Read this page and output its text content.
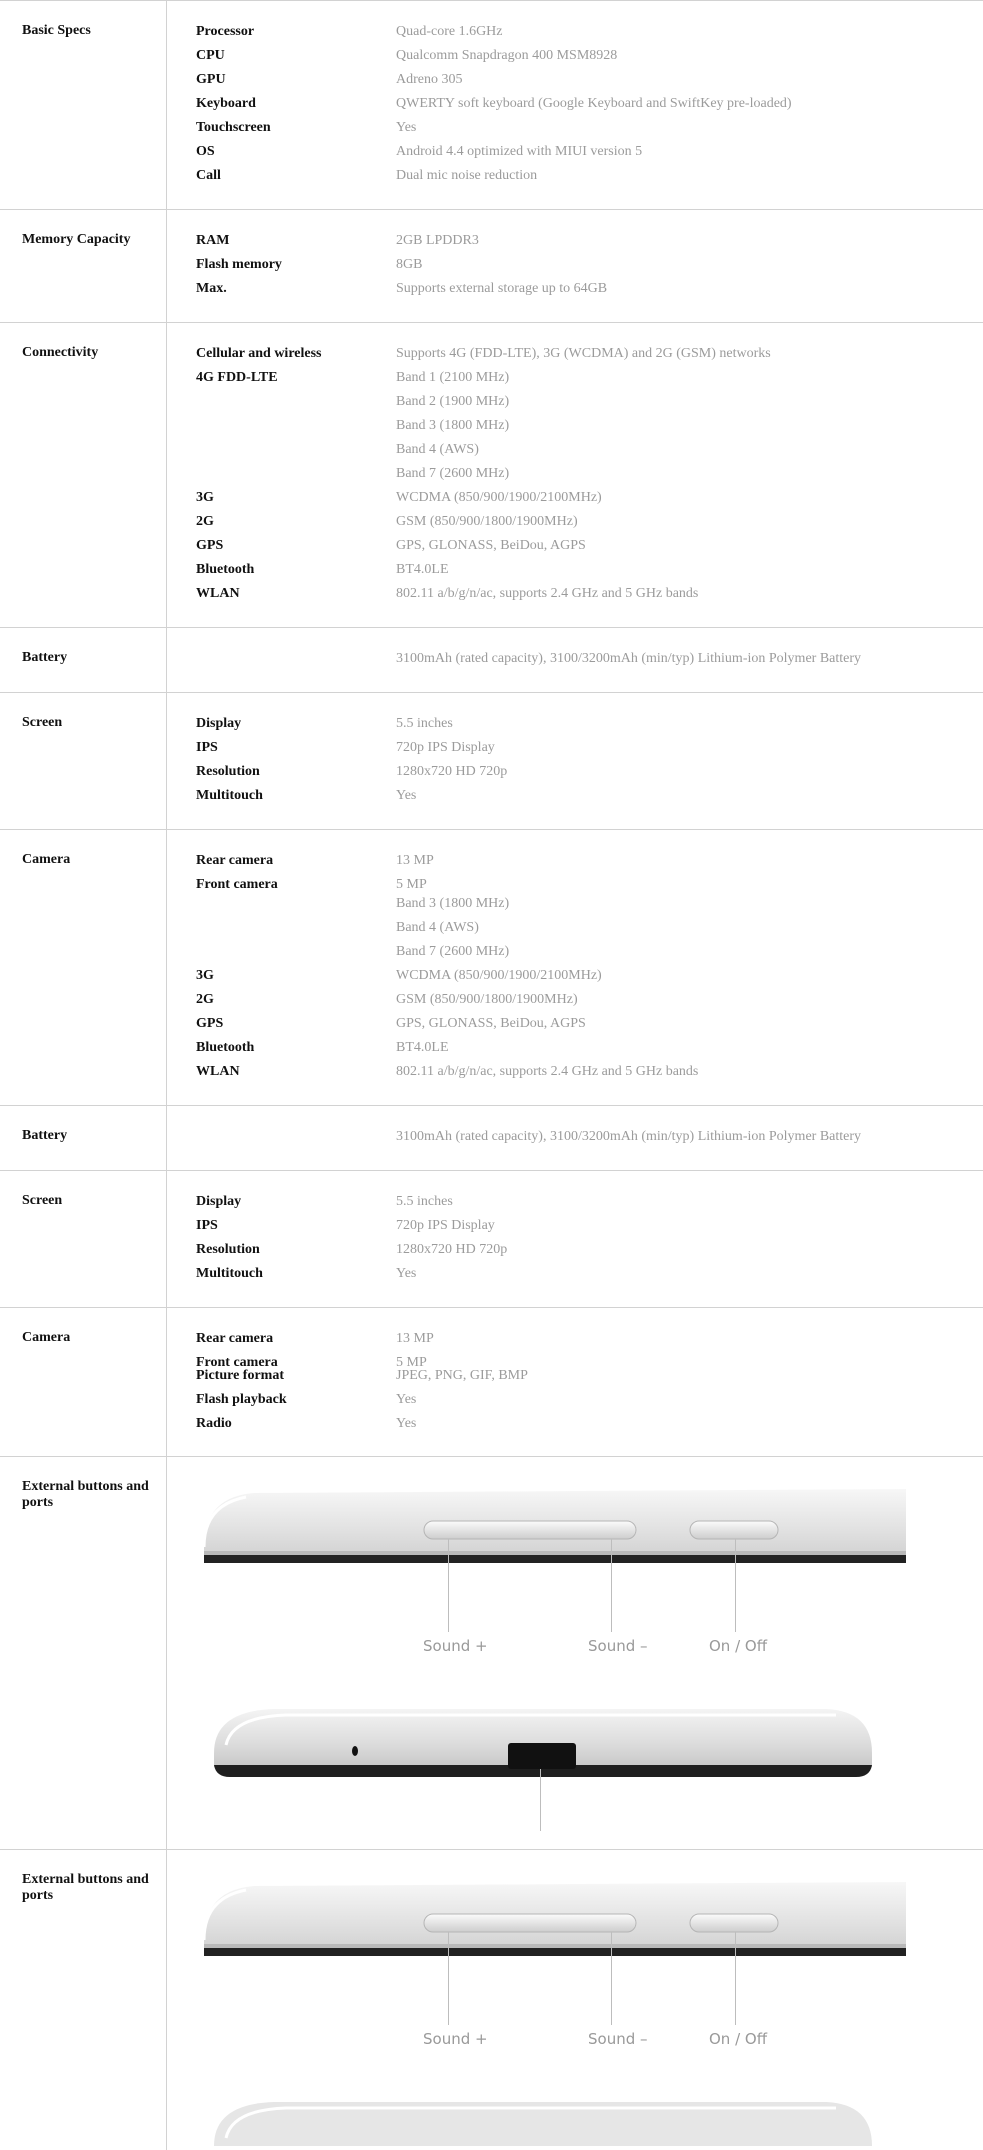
Basic Specs	Processor	Quad-core 1.6GHz
CPU	Qualcomm Snapdragon 400 MSM8928
GPU	Adreno 305
Keyboard	QWERTY soft keyboard (Google Keyboard and SwiftKey pre-loaded)
Touchscreen	Yes
OS	Android 4.4 optimized with MIUI version 5
Call	Dual mic noise reduction
Memory Capacity	RAM	2GB LPDDR3
Flash memory	8GB
Max.	Supports external storage up to 64GB
Connectivity	Cellular and wireless	Supports 4G (FDD-LTE), 3G (WCDMA) and 2G (GSM) networks
4G FDD-LTE	Band 1 (2100 MHz)
Band 2 (1900 MHz)
Band 3 (1800 MHz)
Band 4 (AWS)
Band 7 (2600 MHz)
3G	WCDMA (850/900/1900/2100MHz)
2G	GSM (850/900/1800/1900MHz)
GPS	GPS, GLONASS, BeiDou, AGPS
Bluetooth	BT4.0LE
WLAN	802.11 a/b/g/n/ac, supports 2.4 GHz and 5 GHz bands
Battery	3100mAh (rated capacity), 3100/3200mAh (min/typ) Lithium-ion Polymer Battery
Screen	Display	5.5 inches
IPS	720p IPS Display
Resolution	1280x720 HD 720p
Multitouch	Yes
Camera	Rear camera	13 MP
Front camera	5 MP
Band 3 (1800 MHz)
Band 4 (AWS)
Band 7 (2600 MHz)
3G	WCDMA (850/900/1900/2100MHz)
2G	GSM (850/900/1800/1900MHz)
GPS	GPS, GLONASS, BeiDou, AGPS
Bluetooth	BT4.0LE
WLAN	802.11 a/b/g/n/ac, supports 2.4 GHz and 5 GHz bands
Battery	3100mAh (rated capacity), 3100/3200mAh (min/typ) Lithium-ion Polymer Battery
Screen	Display	5.5 inches
IPS	720p IPS Display
Resolution	1280x720 HD 720p
Multitouch	Yes
Camera	Rear camera	13 MP
Front camera	5 MP
Picture format	JPEG, PNG, GIF, BMP
Flash playback	Yes
Radio	Yes
External buttons and ports
Sound +	Sound –	On / Off
External buttons and ports
Sound +	Sound –	On / Off
